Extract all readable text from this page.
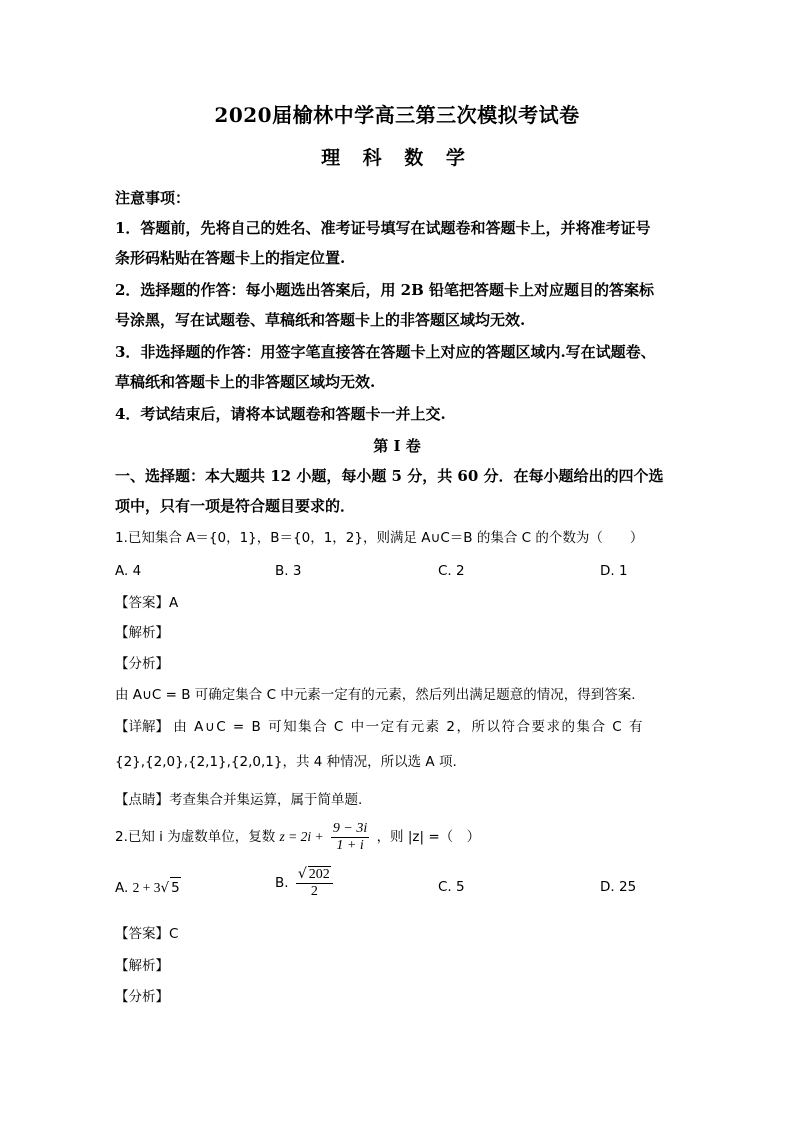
2020届榆林中学高三第三次模拟考试卷
理 科 数 学
注意事项：
1．答题前，先将自己的姓名、准考证号填写在试题卷和答题卡上，并将准考证号
条形码粘贴在答题卡上的指定位置.
2．选择题的作答：每小题选出答案后，用 2B 铅笔把答题卡上对应题目的答案标
号涂黑，写在试题卷、草稿纸和答题卡上的非答题区域均无效.
3．非选择题的作答：用签字笔直接答在答题卡上对应的答题区域内.写在试题卷、
草稿纸和答题卡上的非答题区域均无效.
4．考试结束后，请将本试题卷和答题卡一并上交.
第 I 卷
一、选择题：本大题共 12 小题，每小题 5 分，共 60 分．在每小题给出的四个选
项中，只有一项是符合题目要求的．
1.已知集合 A＝{0，1}，B＝{0，1，2}，则满足 A∪C＝B 的集合 C 的个数为（　　）
A. 4	B. 3	C. 2	D. 1
【答案】A
【解析】
【分析】
由 A∪C = B 可确定集合 C 中元素一定有的元素，然后列出满足题意的情况，得到答案.
【详解】 由 A∪C = B 可知集合 C 中一定有元素 2，所以符合要求的集合 C 有
{2},{2,0},{2,1},{2,0,1}，共 4 种情况，所以选 A 项.
【点睛】考查集合并集运算，属于简单题.
2.已知 i 为虚数单位，复数 $z = 2i + \frac{9 - 3i}{1 + i}$ ，则 |z| =（　）
A. 2 + 3√ 5	B. $\frac{√ 202}{2}$	C. 5	D. 25
【答案】C
【解析】
【分析】
